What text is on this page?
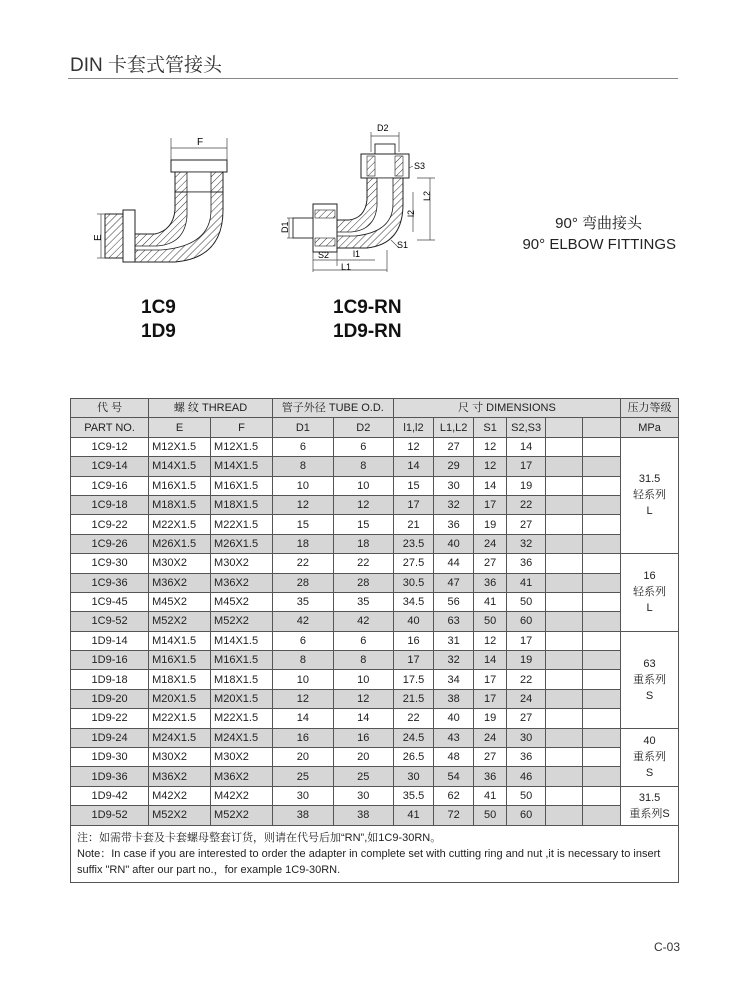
DIN 卡套式管接头
F
E
D2
S3
L2
l2
D1
S1
S2	l1
L1
1C9
1D9
1C9-RN
1D9-RN
90° 弯曲接头
90° ELBOW FITTINGS
代 号	螺 纹 THREAD		管子外径 TUBE O.D.		尺 寸 DIMENSIONS						压力等级
PART NO.	E	F	D1	D2	l1,l2	L1,L2	S1	S2,S3			MPa
1C9-12	M12X1.5	M12X1.5	6	6	12	27	12	14			31.5
轻系列
L

1C9-14	M14X1.5	M14X1.5	8	8	14	29	12	17			
1C9-16	M16X1.5	M16X1.5	10	10	15	30	14	19			
1C9-18	M18X1.5	M18X1.5	12	12	17	32	17	22			
1C9-22	M22X1.5	M22X1.5	15	15	21	36	19	27			
1C9-26	M26X1.5	M26X1.5	18	18	23.5	40	24	32			
1C9-30	M30X2	M30X2	22	22	27.5	44	27	36			16
轻系列
L

1C9-36	M36X2	M36X2	28	28	30.5	47	36	41			
1C9-45	M45X2	M45X2	35	35	34.5	56	41	50			
1C9-52	M52X2	M52X2	42	42	40	63	50	60			
1D9-14	M14X1.5	M14X1.5	6	6	16	31	12	17			63
重系列
S

1D9-16	M16X1.5	M16X1.5	8	8	17	32	14	19			
1D9-18	M18X1.5	M18X1.5	10	10	17.5	34	17	22			
1D9-20	M20X1.5	M20X1.5	12	12	21.5	38	17	24			
1D9-22	M22X1.5	M22X1.5	14	14	22	40	19	27			
1D9-24	M24X1.5	M24X1.5	16	16	24.5	43	24	30			40
重系列
S

1D9-30	M30X2	M30X2	20	20	26.5	48	27	36			
1D9-36	M36X2	M36X2	25	25	30	54	36	46			
1D9-42	M42X2	M42X2	30	30	35.5	62	41	50			31.5
重系列S

1D9-52	M52X2	M52X2	38	38	41	72	50	60			

注：如需带卡套及卡套螺母整套订货，则请在代号后加“RN”,如1C9-30RN。
Note：In case if you are interested to order the adapter in complete set with cutting ring and nut ,it is necessary to insert suffix "RN" after our part no.，for example 1C9-30RN.											
C-03
